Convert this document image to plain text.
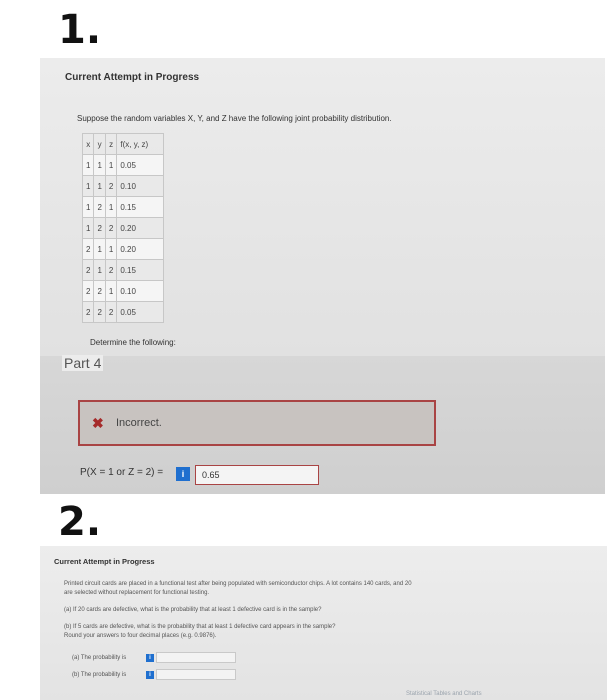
1.
Current Attempt in Progress
Suppose the random variables X, Y, and Z have the following joint probability distribution.
Determine the following:
x	y	z	f(x, y, z)
1	1	1	0.05
1	1	2	0.10
1	2	1	0.15
1	2	2	0.20
2	1	1	0.20
2	1	2	0.15
2	2	1	0.10
2	2	2	0.05
Part 4
✖ Incorrect.
P(X = 1 or Z = 2) =	i	0.65
2.
Current Attempt in Progress
Printed circuit cards are placed in a functional test after being populated with semiconductor chips. A lot contains 140 cards, and 20
are selected without replacement for functional testing.
(a) If 20 cards are defective, what is the probability that at least 1 defective card is in the sample?
(b) If 5 cards are defective, what is the probability that at least 1 defective card appears in the sample?
Round your answers to four decimal places (e.g. 0.9876).
(a) The probability is	i
(b) The probability is	i
Statistical Tables and Charts
